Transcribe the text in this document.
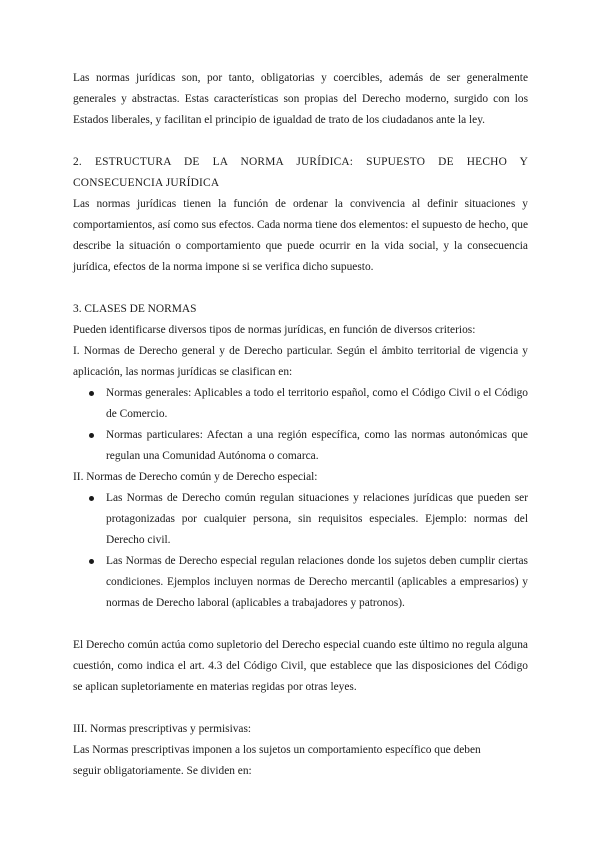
Las normas jurídicas son, por tanto, obligatorias y coercibles, además de ser generalmente generales y abstractas. Estas características son propias del Derecho moderno, surgido con los Estados liberales, y facilitan el principio de igualdad de trato de los ciudadanos ante la ley.

2. ESTRUCTURA DE LA NORMA JURÍDICA: SUPUESTO DE HECHO Y CONSECUENCIA JURÍDICA

Las normas jurídicas tienen la función de ordenar la convivencia al definir situaciones y comportamientos, así como sus efectos. Cada norma tiene dos elementos: el supuesto de hecho, que describe la situación o comportamiento que puede ocurrir en la vida social, y la consecuencia jurídica, efectos de la norma impone si se verifica dicho supuesto.

3. CLASES DE NORMAS

Pueden identificarse diversos tipos de normas jurídicas, en función de diversos criterios:

I. Normas de Derecho general y de Derecho particular. Según el ámbito territorial de vigencia y aplicación, las normas jurídicas se clasifican en:

Normas generales: Aplicables a todo el territorio español, como el Código Civil o el Código de Comercio.
Normas particulares: Afectan a una región específica, como las normas autonómicas que regulan una Comunidad Autónoma o comarca.

II. Normas de Derecho común y de Derecho especial:

Las Normas de Derecho común regulan situaciones y relaciones jurídicas que pueden ser protagonizadas por cualquier persona, sin requisitos especiales. Ejemplo: normas del Derecho civil.
Las Normas de Derecho especial regulan relaciones donde los sujetos deben cumplir ciertas condiciones. Ejemplos incluyen normas de Derecho mercantil (aplicables a empresarios) y normas de Derecho laboral (aplicables a trabajadores y patronos).

El Derecho común actúa como supletorio del Derecho especial cuando este último no regula alguna cuestión, como indica el art. 4.3 del Código Civil, que establece que las disposiciones del Código se aplican supletoriamente en materias regidas por otras leyes.

III. Normas prescriptivas y permisivas:

Las Normas prescriptivas imponen a los sujetos un comportamiento específico que deben seguir obligatoriamente. Se dividen en:
